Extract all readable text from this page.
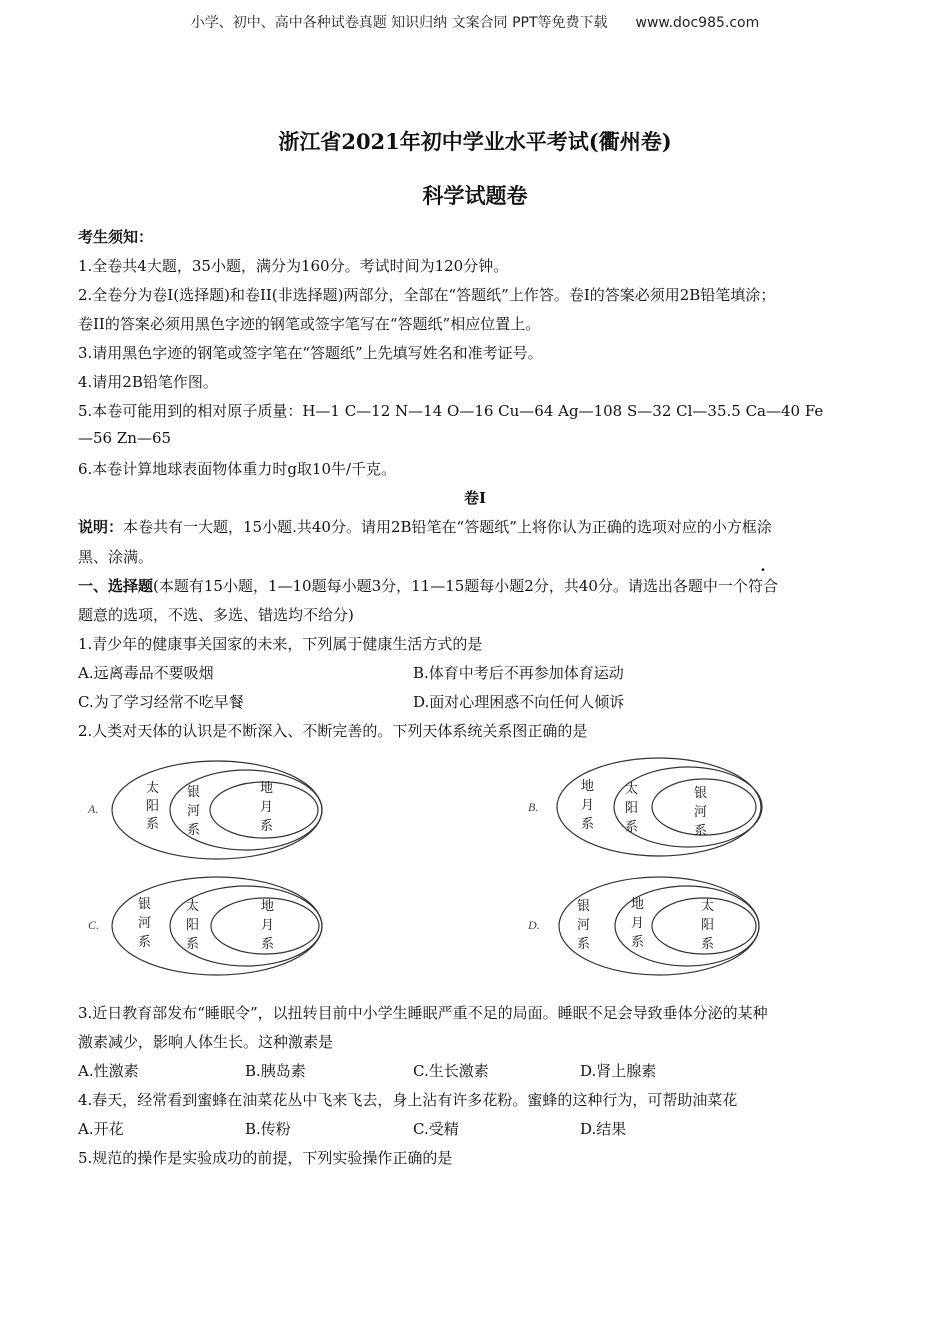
小学、初中、高中各种试卷真题 知识归纳 文案合同 PPT等免费下载 www.doc985.com
浙江省2021年初中学业水平考试(衢州卷)
科学试题卷
考生须知：
1.全卷共4大题，35小题，满分为160分。考试时间为120分钟。
2.全卷分为卷I(选择题)和卷II(非选择题)两部分，全部在“答题纸”上作答。卷I的答案必须用2B铅笔填涂；
卷II的答案必须用黑色字迹的钢笔或签字笔写在“答题纸”相应位置上。
3.请用黑色字迹的钢笔或签字笔在“答题纸”上先填写姓名和准考证号。
4.请用2B铅笔作图。
5.本卷可能用到的相对原子质量：H—1 C—12 N—14 O—16 Cu—64 Ag—108 S—32 Cl—35.5 Ca—40 Fe
—56 Zn—65
6.本卷计算地球表面物体重力时g取10牛/千克。
卷I
说明：本卷共有一大题，15小题.共40分。请用2B铅笔在“答题纸”上将你认为正确的选项对应的小方框涂
黑、涂满。
一、选择题(本题有15小题，1—10题每小题3分，11—15题每小题2分，共40分。请选出各题中一个符合
题意的选项，不选、多选、错选均不给分)
1.青少年的健康事关国家的未来，下列属于健康生活方式的是
A.远离毒品不要吸烟	B.体育中考后不再参加体育运动
C.为了学习经常不吃早餐	D.面对心理困惑不向任何人倾诉
2.人类对天体的认识是不断深入、不断完善的。下列天体系统关系图正确的是
A.
太
阳
系
银
河
系
地
月
系
B.
地
月
系
太
阳
系
银
河
系
C.
银
河
系
太
阳
系
地
月
系
D.
银
河
系
地
月
系
太
阳
系
3.近日教育部发布“睡眠令”，以扭转目前中小学生睡眠严重不足的局面。睡眠不足会导致垂体分泌的某种
激素减少，影响人体生长。这种激素是
A.性激素	B.胰岛素	C.生长激素	D.肾上腺素
4.春天，经常看到蜜蜂在油菜花丛中飞来飞去，身上沾有许多花粉。蜜蜂的这种行为，可帮助油菜花
A.开花	B.传粉	C.受精	D.结果
5.规范的操作是实验成功的前提，下列实验操作正确的是
